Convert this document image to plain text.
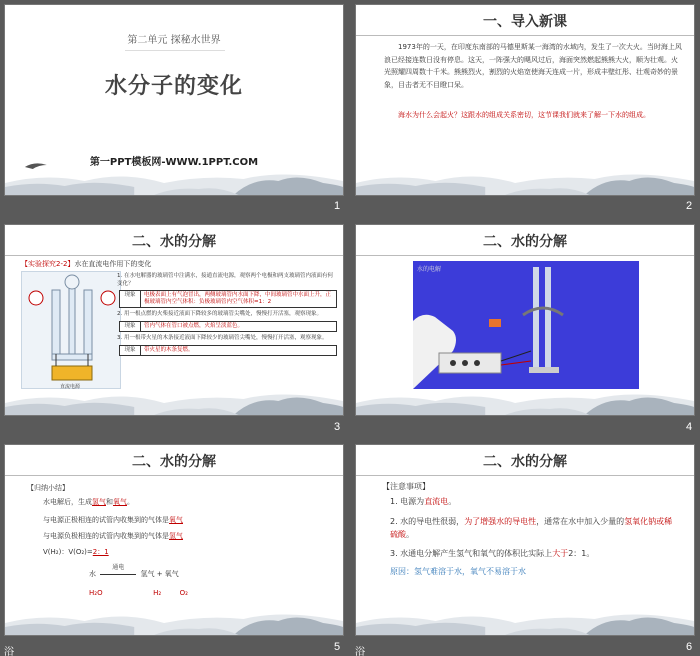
第二单元 探秘水世界
水分子的变化
第一PPT模板网-WWW.1PPT.COM
1
一、导入新课
1973年的一天，在印度东南部的马德里斯某一海湾的水域内，发生了一次大火。当时海上风浪已经接连数日没有停息。这天，一阵强大的飓风过后，海面突然燃起熊熊大火，顺为壮观。火光照耀四周数十千米。熊熊烈火，割烈的火焰宽使海天连成一片，形成丰壁红彤、壮观奇妙的景象，目击者无不目瞪口呆。
海水为什么会起火？这跟水的组成关系密切，这节课我们就来了解一下水的组成。
2
二、水的分解
【实验探究2-2】水在直流电作用下的变化
直流电源
1. 在水电解器的玻璃管中注满水，接通直流电源，观察两个电极和两支玻璃管内液面有何变化？
现象	电极表面上有气泡冒出，两侧玻璃管内水面下降，中间玻璃管中水面上升，正极玻璃管内空气体积：负极玻璃管内空气体积=1：2
2. 用一根点燃的火柴接近液面下降较多的玻璃管尖嘴处，慢慢打开活塞，观察现象。
现象	管内气体在管口被点燃，火焰呈淡蓝色。
3. 用一根带火星的木条接近液面下降较少的玻璃管尖嘴处，慢慢打开活塞，观察现象。
现象	带火星的木条复燃。
3
二、水的分解
水的电解
4
二、水的分解
【归纳小结】
水电解后，生成氢气和氧气。
与电源正极相连的试管内收集到的气体是氧气
与电源负极相连的试管内收集到的气体是氢气
V(H₂)：V(O₂)=2：1
水
通电
氢气 + 氧气
H₂O	H₂	O₂
5
二、水的分解
【注意事项】
1. 电源为直流电。
2. 水的导电性很弱，为了增强水的导电性，通常在水中加入少量的氢氧化钠或稀硫酸。
3. 水通电分解产生氢气和氧气的体积比实际上大于2：1。
原因：氢气难溶于水，氧气不易溶于水
6
浴	浴
